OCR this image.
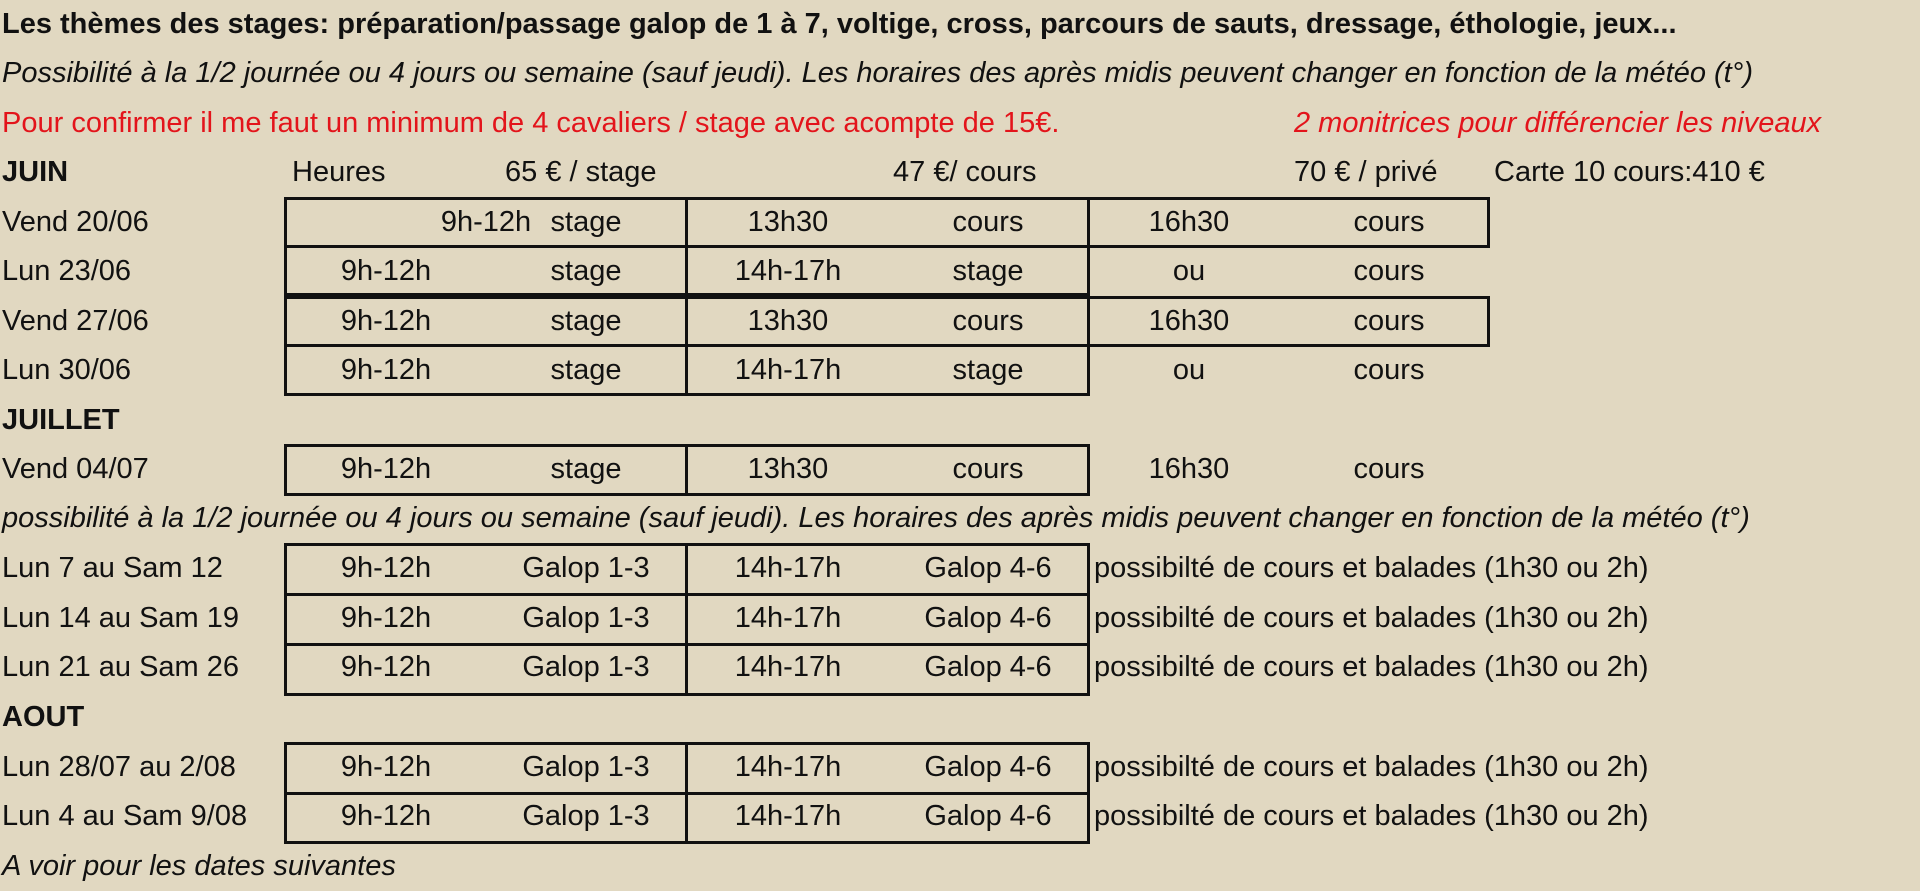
Les thèmes des stages: préparation/passage galop de 1 à 7, voltige, cross, parcours de sauts, dressage, éthologie, jeux...
Possibilité à la 1/2 journée ou 4 jours ou semaine (sauf jeudi). Les horaires des après midis peuvent changer en fonction de la météo (t°)
Pour confirmer il me faut un minimum de 4 cavaliers / stage avec acompte de 15€.	2 monitrices pour différencier les niveaux
JUIN	Heures	65 € / stage	47 €/ cours	70 € / privé Carte 10 cours:410 €
Vend 20/06	9h-12h stage	13h30	cours	16h30	cours
Lun 23/06	9h-12h	stage	14h-17h	stage	ou	cours
Vend 27/06	9h-12h	stage	13h30	cours	16h30	cours
Lun 30/06	9h-12h	stage	14h-17h	stage	ou	cours
JUILLET
Vend 04/07	9h-12h	stage	13h30	cours	16h30	cours
possibilité à la 1/2 journée ou 4 jours ou semaine (sauf jeudi). Les horaires des après midis peuvent changer en fonction de la météo (t°)
Lun 7 au Sam 12	9h-12h	Galop 1-3	14h-17h	Galop 4-6	possibilté de cours et balades (1h30 ou 2h)
Lun 14 au Sam 19	9h-12h	Galop 1-3	14h-17h	Galop 4-6	possibilté de cours et balades (1h30 ou 2h)
Lun 21 au Sam 26	9h-12h	Galop 1-3	14h-17h	Galop 4-6	possibilté de cours et balades (1h30 ou 2h)
AOUT
Lun 28/07 au 2/08	9h-12h	Galop 1-3	14h-17h	Galop 4-6	possibilté de cours et balades (1h30 ou 2h)
Lun 4 au Sam 9/08	9h-12h	Galop 1-3	14h-17h	Galop 4-6	possibilté de cours et balades (1h30 ou 2h)
A voir pour les dates suivantes
